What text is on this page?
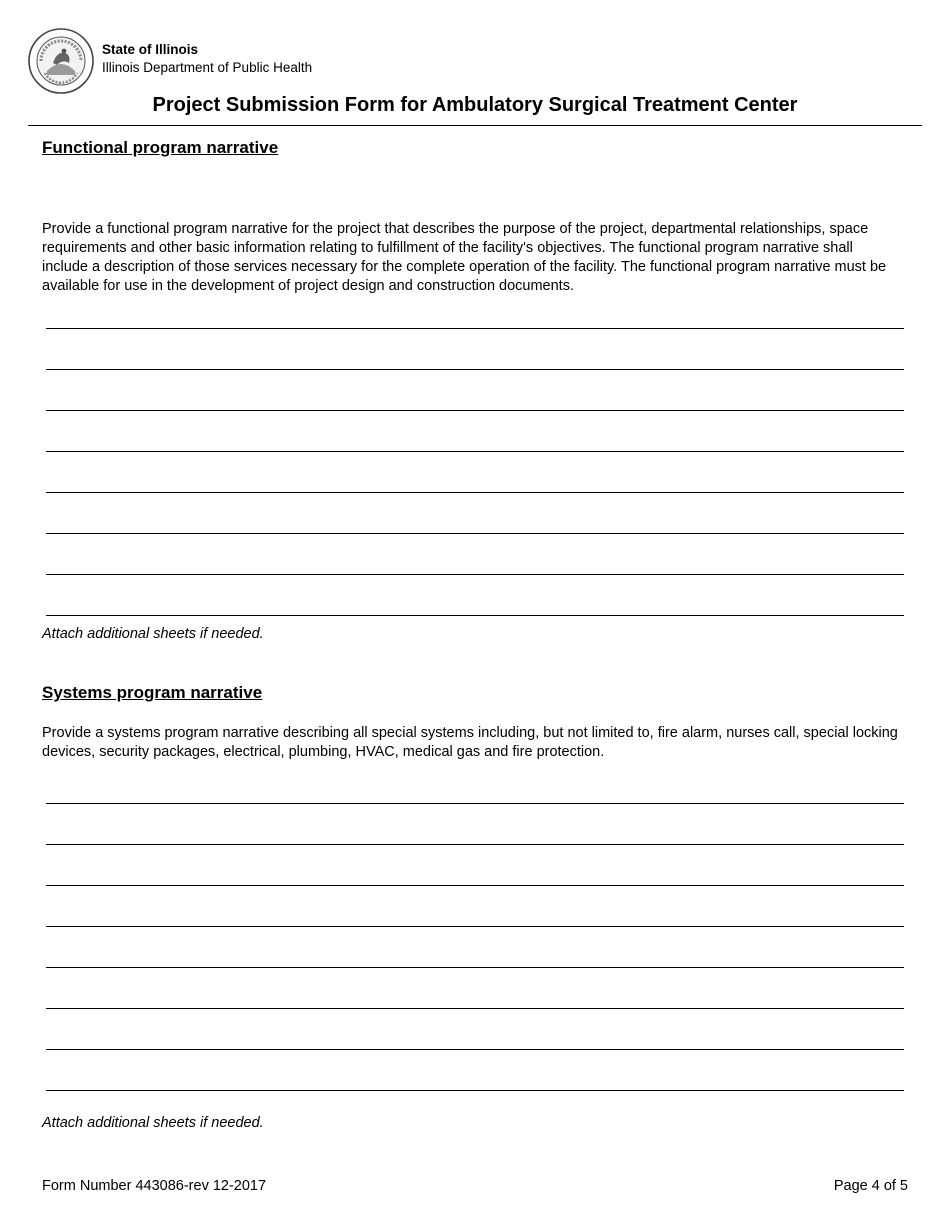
State of Illinois
Illinois Department of Public Health
Project Submission Form for Ambulatory Surgical Treatment Center
Functional program narrative
Provide a functional program narrative for the project that describes the purpose of the project, departmental relationships, space requirements and other basic information relating to fulfillment of the facility's objectives. The functional program narrative shall include a description of those services necessary for the complete operation of the facility. The functional program narrative must be available for use in the development of project design and construction documents.
Attach additional sheets if needed.
Systems program narrative
Provide a systems program narrative describing all special systems including, but not limited to, fire alarm, nurses call, special locking devices, security packages, electrical, plumbing, HVAC, medical gas and fire protection.
Attach additional sheets if needed.
Form Number 443086-rev 12-2017	Page 4 of 5
